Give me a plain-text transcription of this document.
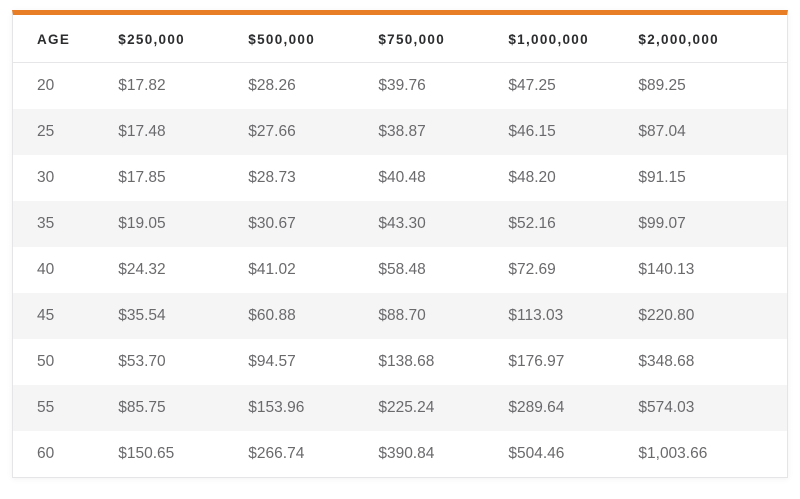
AGE	$250,000	$500,000	$750,000	$1,000,000	$2,000,000
20	$17.82	$28.26	$39.76	$47.25	$89.25
25	$17.48	$27.66	$38.87	$46.15	$87.04
30	$17.85	$28.73	$40.48	$48.20	$91.15
35	$19.05	$30.67	$43.30	$52.16	$99.07
40	$24.32	$41.02	$58.48	$72.69	$140.13
45	$35.54	$60.88	$88.70	$113.03	$220.80
50	$53.70	$94.57	$138.68	$176.97	$348.68
55	$85.75	$153.96	$225.24	$289.64	$574.03
60	$150.65	$266.74	$390.84	$504.46	$1,003.66
